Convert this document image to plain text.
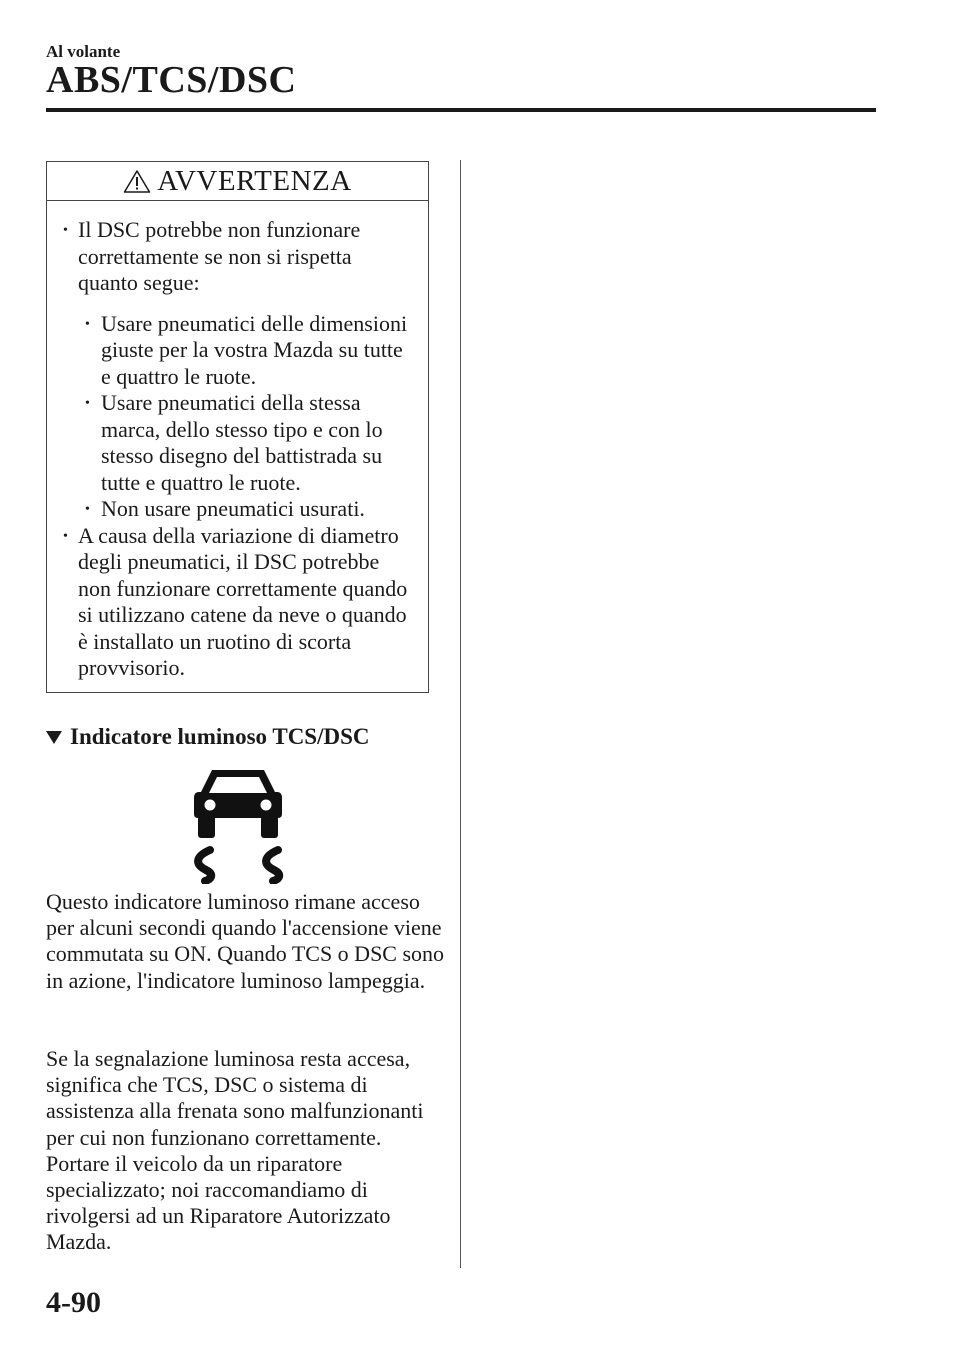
Al volante
ABS/TCS/DSC
AVVERTENZA
• Il DSC potrebbe non funzionare correttamente se non si rispetta quanto segue:
• Usare pneumatici delle dimensioni giuste per la vostra Mazda su tutte e quattro le ruote.
• Usare pneumatici della stessa marca, dello stesso tipo e con lo stesso disegno del battistrada su tutte e quattro le ruote.
• Non usare pneumatici usurati.
• A causa della variazione di diametro degli pneumatici, il DSC potrebbe non funzionare correttamente quando si utilizzano catene da neve o quando è installato un ruotino di scorta provvisorio.
Indicatore luminoso TCS/DSC
Questo indicatore luminoso rimane acceso per alcuni secondi quando l'accensione viene commutata su ON. Quando TCS o DSC sono in azione, l'indicatore luminoso lampeggia.
Se la segnalazione luminosa resta accesa, significa che TCS, DSC o sistema di assistenza alla frenata sono malfunzionanti per cui non funzionano correttamente. Portare il veicolo da un riparatore specializzato; noi raccomandiamo di rivolgersi ad un Riparatore Autorizzato Mazda.
4-90
